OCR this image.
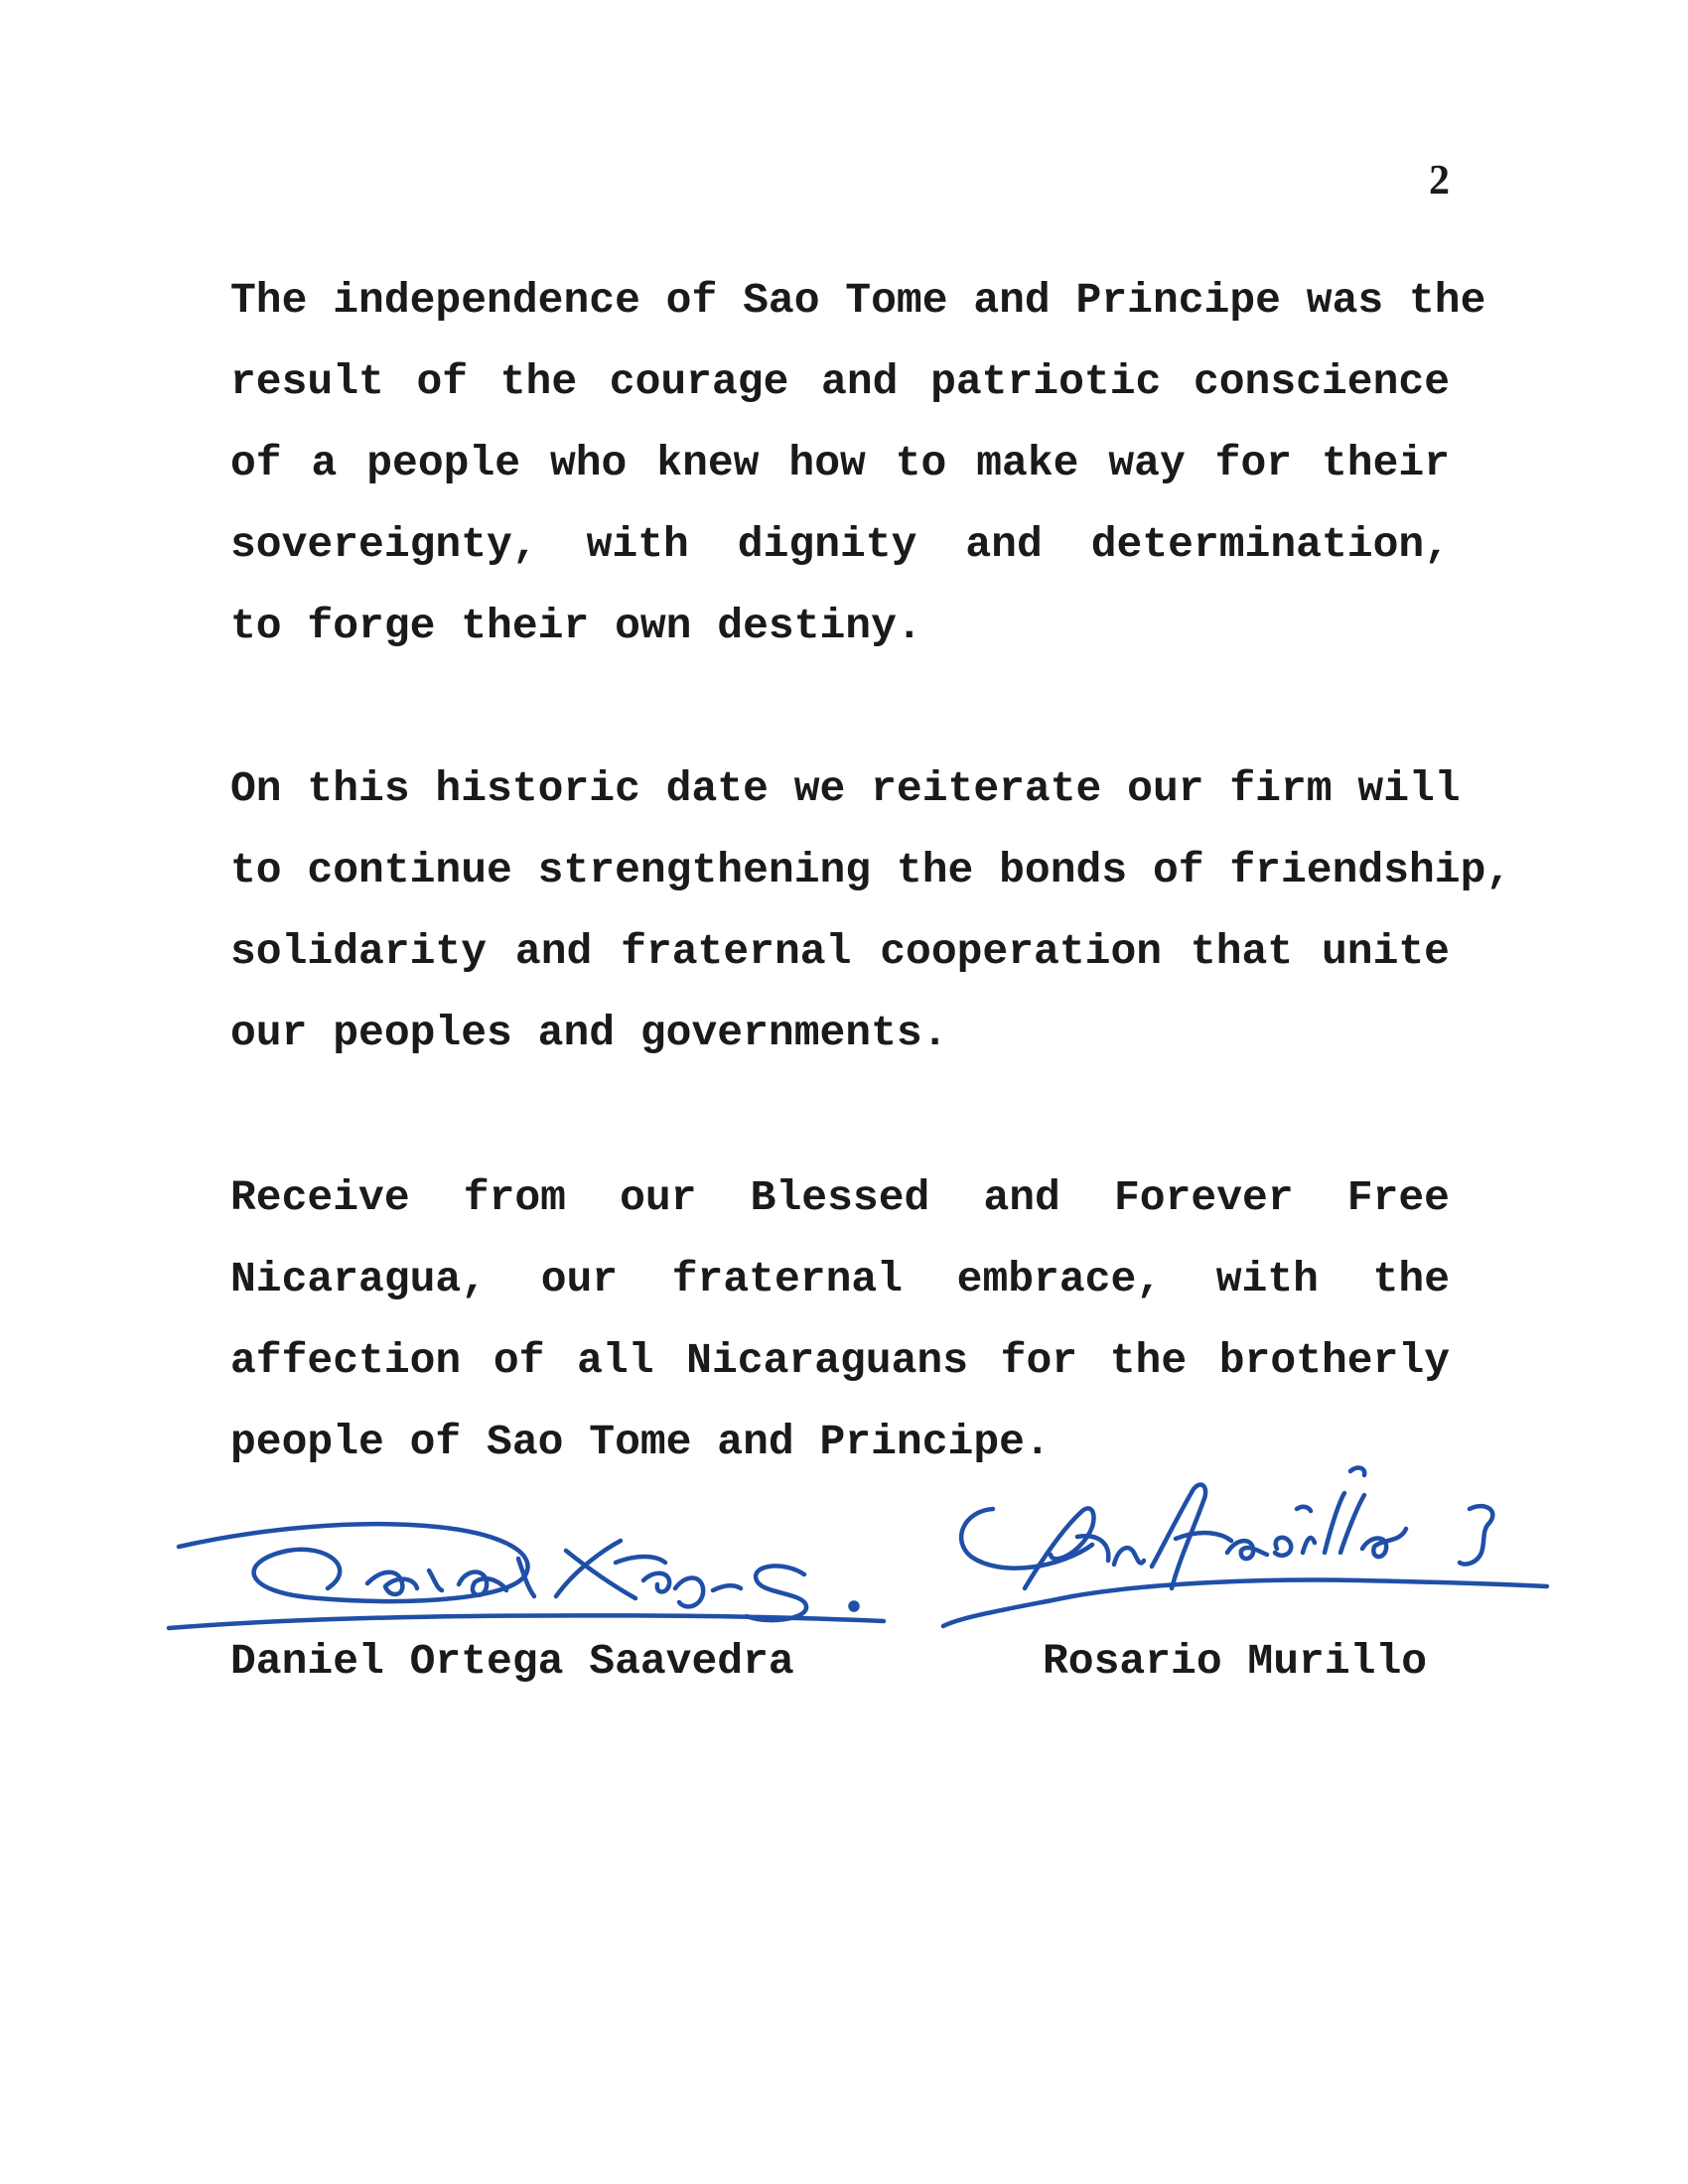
2
The independence of Sao Tome and Principe was the
result of the courage and patriotic conscience
of a people who knew how to make way for their
sovereignty, with dignity and determination,
to forge their own destiny.
On this historic date we reiterate our firm will
to continue strengthening the bonds of friendship,
solidarity and fraternal cooperation that unite
our peoples and governments.
Receive from our Blessed and Forever Free
Nicaragua, our fraternal embrace, with the
affection of all Nicaraguans for the brotherly
people of Sao Tome and Principe.
Daniel Ortega Saavedra	Rosario Murillo
